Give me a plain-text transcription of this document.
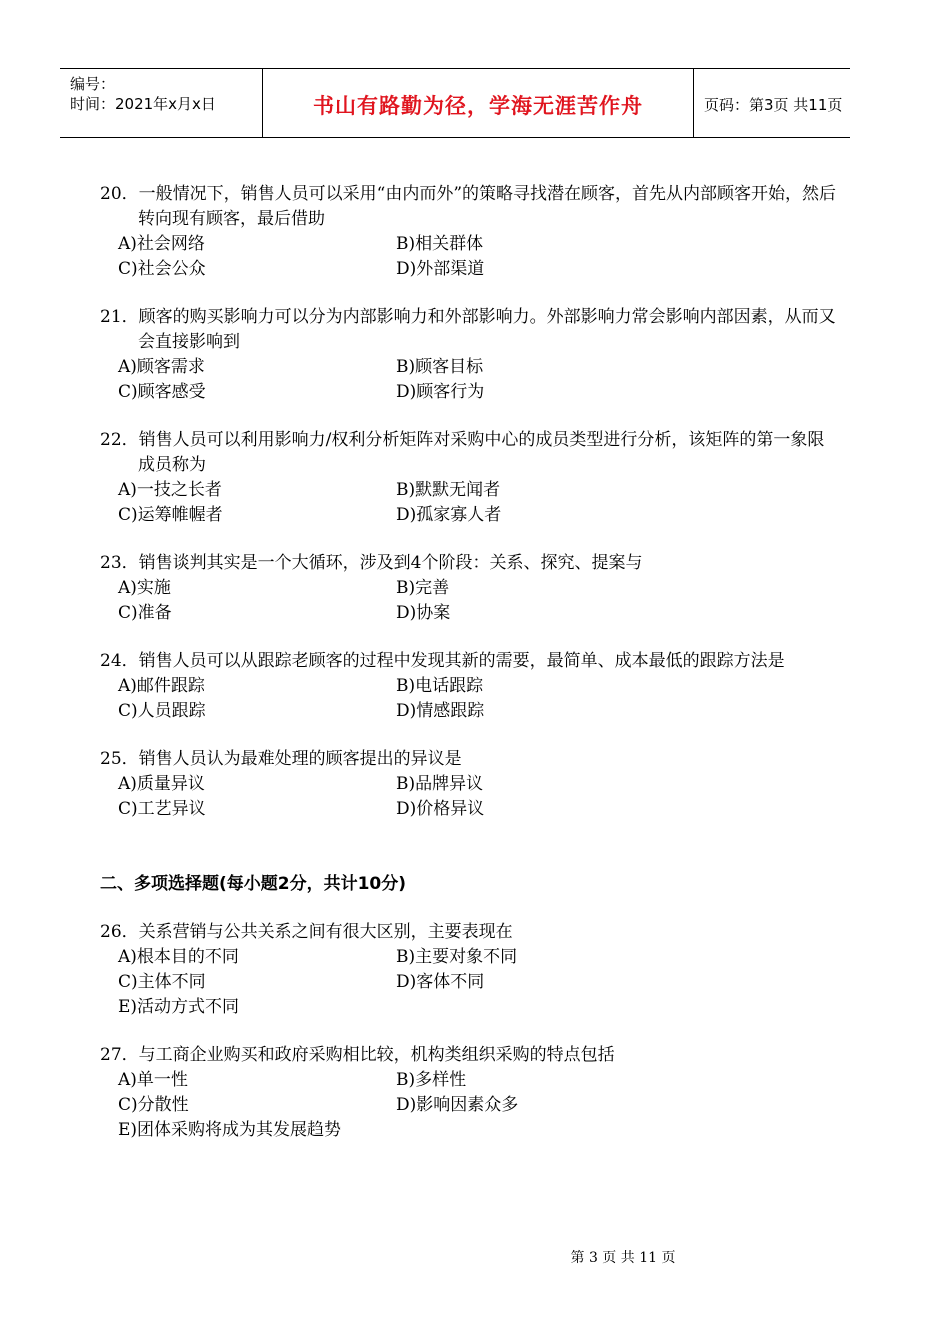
编号：
时间：2021年x月x日	书山有路勤为径，学海无涯苦作舟	页码：第3页 共11页
20．一般情况下，销售人员可以采用“由内而外”的策略寻找潜在顾客，首先从内部顾客开始，然后转向现有顾客，最后借助
A)社会网络	B)相关群体
C)社会公众	D)外部渠道
21．顾客的购买影响力可以分为内部影响力和外部影响力。外部影响力常会影响内部因素，从而又会直接影响到
A)顾客需求	B)顾客目标
C)顾客感受	D)顾客行为
22．销售人员可以利用影响力/权利分析矩阵对采购中心的成员类型进行分析，该矩阵的第一象限成员称为
A)一技之长者	B)默默无闻者
C)运筹帷幄者	D)孤家寡人者
23．销售谈判其实是一个大循环，涉及到4个阶段：关系、探究、提案与
A)实施	B)完善
C)准备	D)协案
24．销售人员可以从跟踪老顾客的过程中发现其新的需要，最简单、成本最低的跟踪方法是
A)邮件跟踪	B)电话跟踪
C)人员跟踪	D)情感跟踪
25．销售人员认为最难处理的顾客提出的异议是
A)质量异议	B)品牌异议
C)工艺异议	D)价格异议
二、多项选择题(每小题2分，共计10分)
26．关系营销与公共关系之间有很大区别，主要表现在
A)根本目的不同	B)主要对象不同
C)主体不同	D)客体不同
E)活动方式不同
27．与工商企业购买和政府采购相比较，机构类组织采购的特点包括
A)单一性	B)多样性
C)分散性	D)影响因素众多
E)团体采购将成为其发展趋势
第 3 页 共 11 页
